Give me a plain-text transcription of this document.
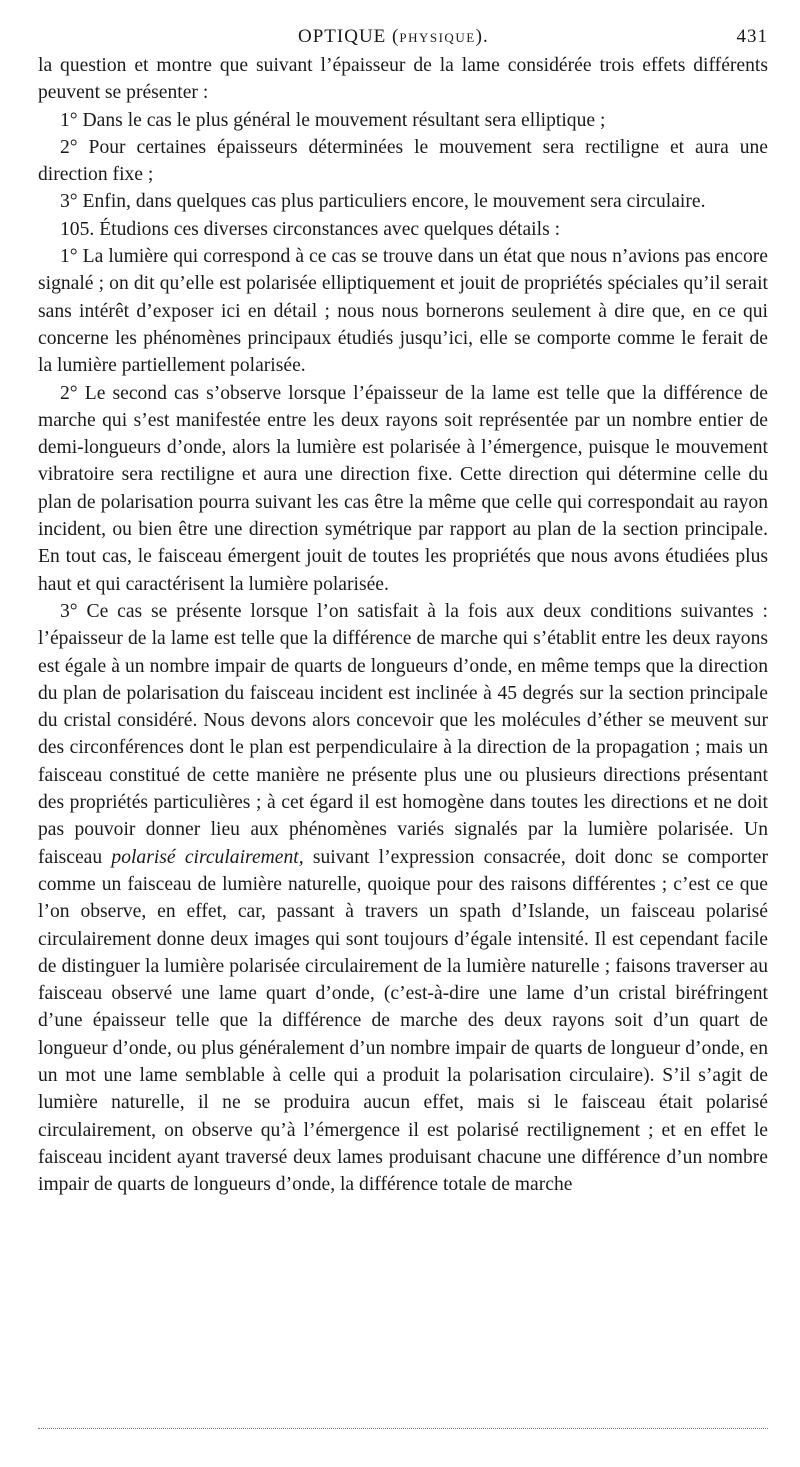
OPTIQUE (PHYSIQUE).	431

la question et montre que suivant l’épaisseur de la lame considérée trois effets différents peuvent se présenter :

1° Dans le cas le plus général le mouvement résultant sera elliptique ;

2° Pour certaines épaisseurs déterminées le mouvement sera rectiligne et aura une direction fixe ;

3° Enfin, dans quelques cas plus particuliers encore, le mouvement sera circulaire.

105. Étudions ces diverses circonstances avec quelques détails :

1° La lumière qui correspond à ce cas se trouve dans un état que nous n’avions pas encore signalé ; on dit qu’elle est polarisée elliptiquement et jouit de propriétés spéciales qu’il serait sans intérêt d’exposer ici en détail ; nous nous bornerons seulement à dire que, en ce qui concerne les phénomènes principaux étudiés jusqu’ici, elle se comporte comme le ferait de la lumière partiellement polarisée.

2° Le second cas s’observe lorsque l’épaisseur de la lame est telle que la différence de marche qui s’est manifestée entre les deux rayons soit représentée par un nombre entier de demi-longueurs d’onde, alors la lumière est polarisée à l’émergence, puisque le mouvement vibratoire sera rectiligne et aura une direction fixe. Cette direction qui détermine celle du plan de polarisation pourra suivant les cas être la même que celle qui correspondait au rayon incident, ou bien être une direction symétrique par rapport au plan de la section principale. En tout cas, le faisceau émergent jouit de toutes les propriétés que nous avons étudiées plus haut et qui caractérisent la lumière polarisée.

3° Ce cas se présente lorsque l’on satisfait à la fois aux deux conditions suivantes : l’épaisseur de la lame est telle que la différence de marche qui s’établit entre les deux rayons est égale à un nombre impair de quarts de longueurs d’onde, en même temps que la direction du plan de polarisation du faisceau incident est inclinée à 45 degrés sur la section principale du cristal considéré. Nous devons alors concevoir que les molécules d’éther se meuvent sur des circonférences dont le plan est perpendiculaire à la direction de la propagation ; mais un faisceau constitué de cette manière ne présente plus une ou plusieurs directions présentant des propriétés particulières ; à cet égard il est homogène dans toutes les directions et ne doit pas pouvoir donner lieu aux phénomènes variés signalés par la lumière polarisée. Un faisceau polarisé circulairement, suivant l’expression consacrée, doit donc se comporter comme un faisceau de lumière naturelle, quoique pour des raisons différentes ; c’est ce que l’on observe, en effet, car, passant à travers un spath d’Islande, un faisceau polarisé circulairement donne deux images qui sont toujours d’égale intensité. Il est cependant facile de distinguer la lumière polarisée circulairement de la lumière naturelle ; faisons traverser au faisceau observé une lame quart d’onde, (c’est-à-dire une lame d’un cristal biréfringent d’une épaisseur telle que la différence de marche des deux rayons soit d’un quart de longueur d’onde, ou plus généralement d’un nombre impair de quarts de longueur d’onde, en un mot une lame semblable à celle qui a produit la polarisation circulaire). S’il s’agit de lumière naturelle, il ne se produira aucun effet, mais si le faisceau était polarisé circulairement, on observe qu’à l’émergence il est polarisé rectilignement ; et en effet le faisceau incident ayant traversé deux lames produisant chacune une différence d’un nombre impair de quarts de longueurs d’onde, la différence totale de marche
